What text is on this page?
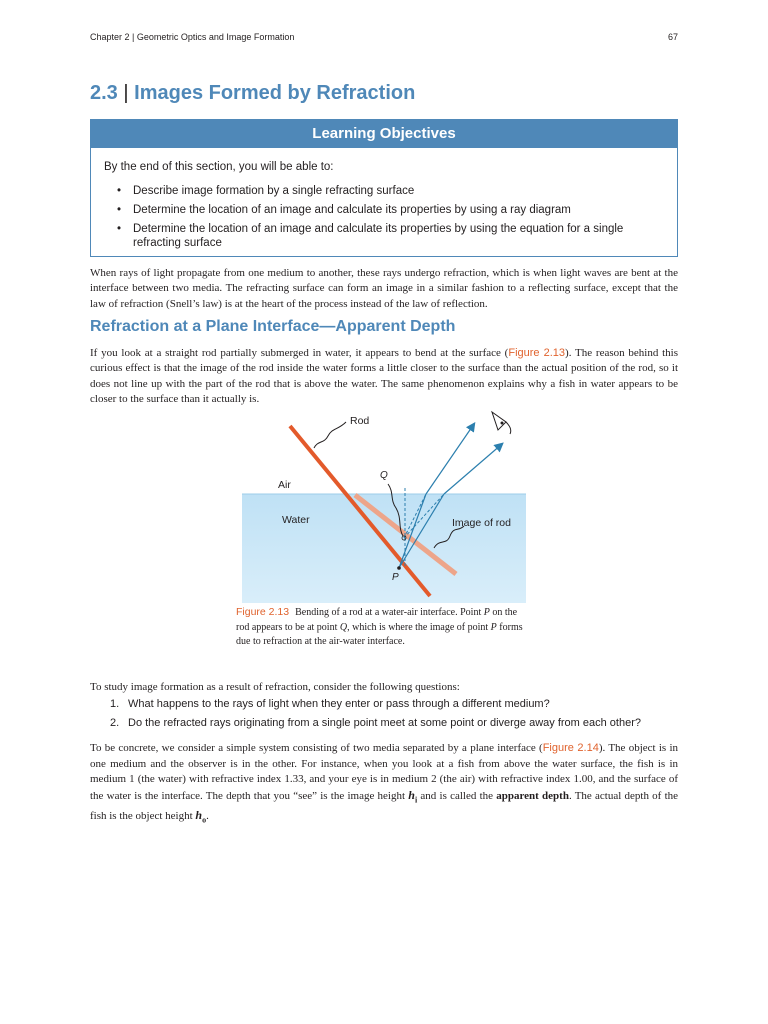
Chapter 2 | Geometric Optics and Image Formation	67
2.3 | Images Formed by Refraction
Learning Objectives
By the end of this section, you will be able to:
• Describe image formation by a single refracting surface
• Determine the location of an image and calculate its properties by using a ray diagram
• Determine the location of an image and calculate its properties by using the equation for a single refracting surface

When rays of light propagate from one medium to another, these rays undergo refraction, which is when light waves are bent at the interface between two media. The refracting surface can form an image in a similar fashion to a reflecting surface, except that the law of refraction (Snell’s law) is at the heart of the process instead of the law of reflection.

Refraction at a Plane Interface—Apparent Depth

If you look at a straight rod partially submerged in water, it appears to bend at the surface (Figure 2.13). The reason behind this curious effect is that the image of the rod inside the water forms a little closer to the surface than the actual position of the rod, so it does not line up with the part of the rod that is above the water. The same phenomenon explains why a fish in water appears to be closer to the surface than it actually is.

Rod
Q
Air
Water	Image of rod
P
Figure 2.13 Bending of a rod at a water-air interface. Point P on the rod appears to be at point Q, which is where the image of point P forms due to refraction at the air-water interface.

To study image formation as a result of refraction, consider the following questions:

1. What happens to the rays of light when they enter or pass through a different medium?
2. Do the refracted rays originating from a single point meet at some point or diverge away from each other?

To be concrete, we consider a simple system consisting of two media separated by a plane interface (Figure 2.14). The object is in one medium and the observer is in the other. For instance, when you look at a fish from above the water surface, the fish is in medium 1 (the water) with refractive index 1.33, and your eye is in medium 2 (the air) with refractive index 1.00, and the surface of the water is the interface. The depth that you “see” is the image height $h_i$ and is called the apparent depth. The actual depth of the fish is the object height $h_o$.
